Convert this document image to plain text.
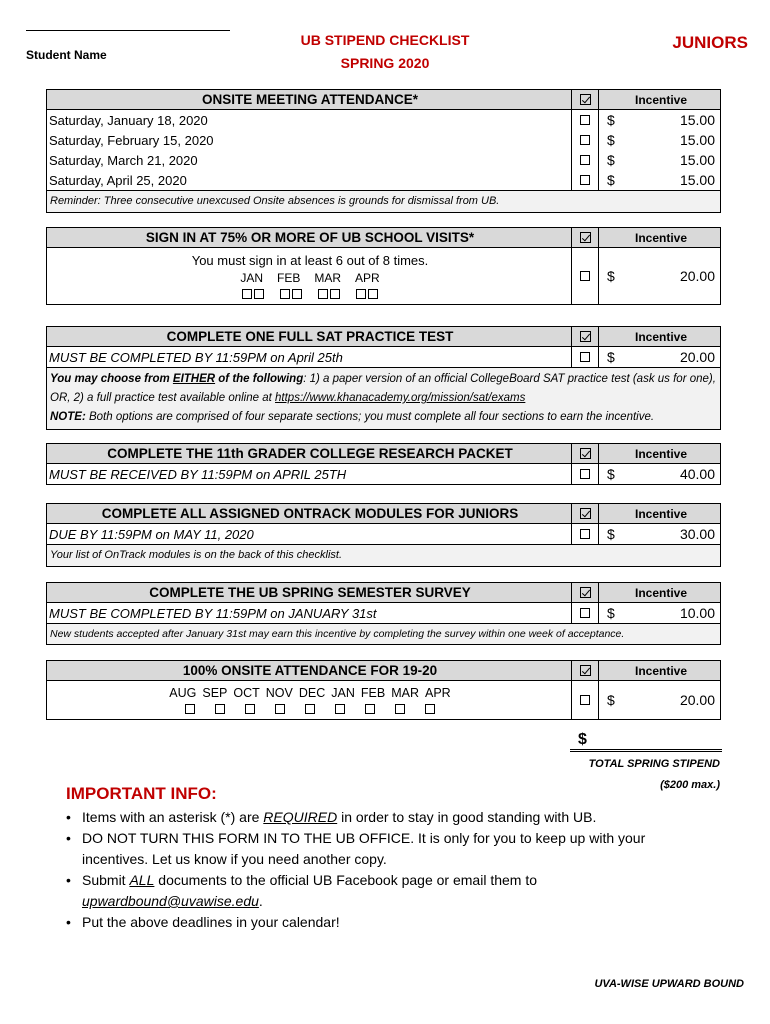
Student Name
UB STIPEND CHECKLIST
SPRING 2020
JUNIORS
ONSITE MEETING ATTENDANCE*	Incentive
Saturday, January 18, 2020	$	15.00
Saturday, February 15, 2020	$	15.00
Saturday, March 21, 2020	$	15.00
Saturday, April 25, 2020	$	15.00
Reminder: Three consecutive unexcused Onsite absences is grounds for dismissal from UB.
SIGN IN AT 75% OR MORE OF UB SCHOOL VISITS*	Incentive
You must sign in at least 6 out of 8 times.
JAN FEB MAR APR	$	20.00
COMPLETE ONE FULL SAT PRACTICE TEST	Incentive
MUST BE COMPLETED BY 11:59PM on April 25th	$	20.00
You may choose from EITHER of the following: 1) a paper version of an official CollegeBoard SAT practice test (ask us for one), OR, 2) a full practice test available online at https://www.khanacademy.org/mission/sat/exams
NOTE: Both options are comprised of four separate sections; you must complete all four sections to earn the incentive.
COMPLETE THE 11th GRADER COLLEGE RESEARCH PACKET	Incentive
MUST BE RECEIVED BY 11:59PM on APRIL 25TH	$	40.00
COMPLETE ALL ASSIGNED ONTRACK MODULES FOR JUNIORS	Incentive
DUE BY 11:59PM on MAY 11, 2020	$	30.00
Your list of OnTrack modules is on the back of this checklist.
COMPLETE THE UB SPRING SEMESTER SURVEY	Incentive
MUST BE COMPLETED BY 11:59PM on JANUARY 31st	$	10.00
New students accepted after January 31st may earn this incentive by completing the survey within one week of acceptance.
100% ONSITE ATTENDANCE FOR 19-20	Incentive
AUG SEP OCT NOV DEC JAN FEB MAR APR	$	20.00
$
TOTAL SPRING STIPEND
($200 max.)
IMPORTANT INFO:
• Items with an asterisk (*) are REQUIRED in order to stay in good standing with UB.
• DO NOT TURN THIS FORM IN TO THE UB OFFICE. It is only for you to keep up with your incentives. Let us know if you need another copy.
• Submit ALL documents to the official UB Facebook page or email them to upwardbound@uvawise.edu.
• Put the above deadlines in your calendar!
UVA-WISE UPWARD BOUND
